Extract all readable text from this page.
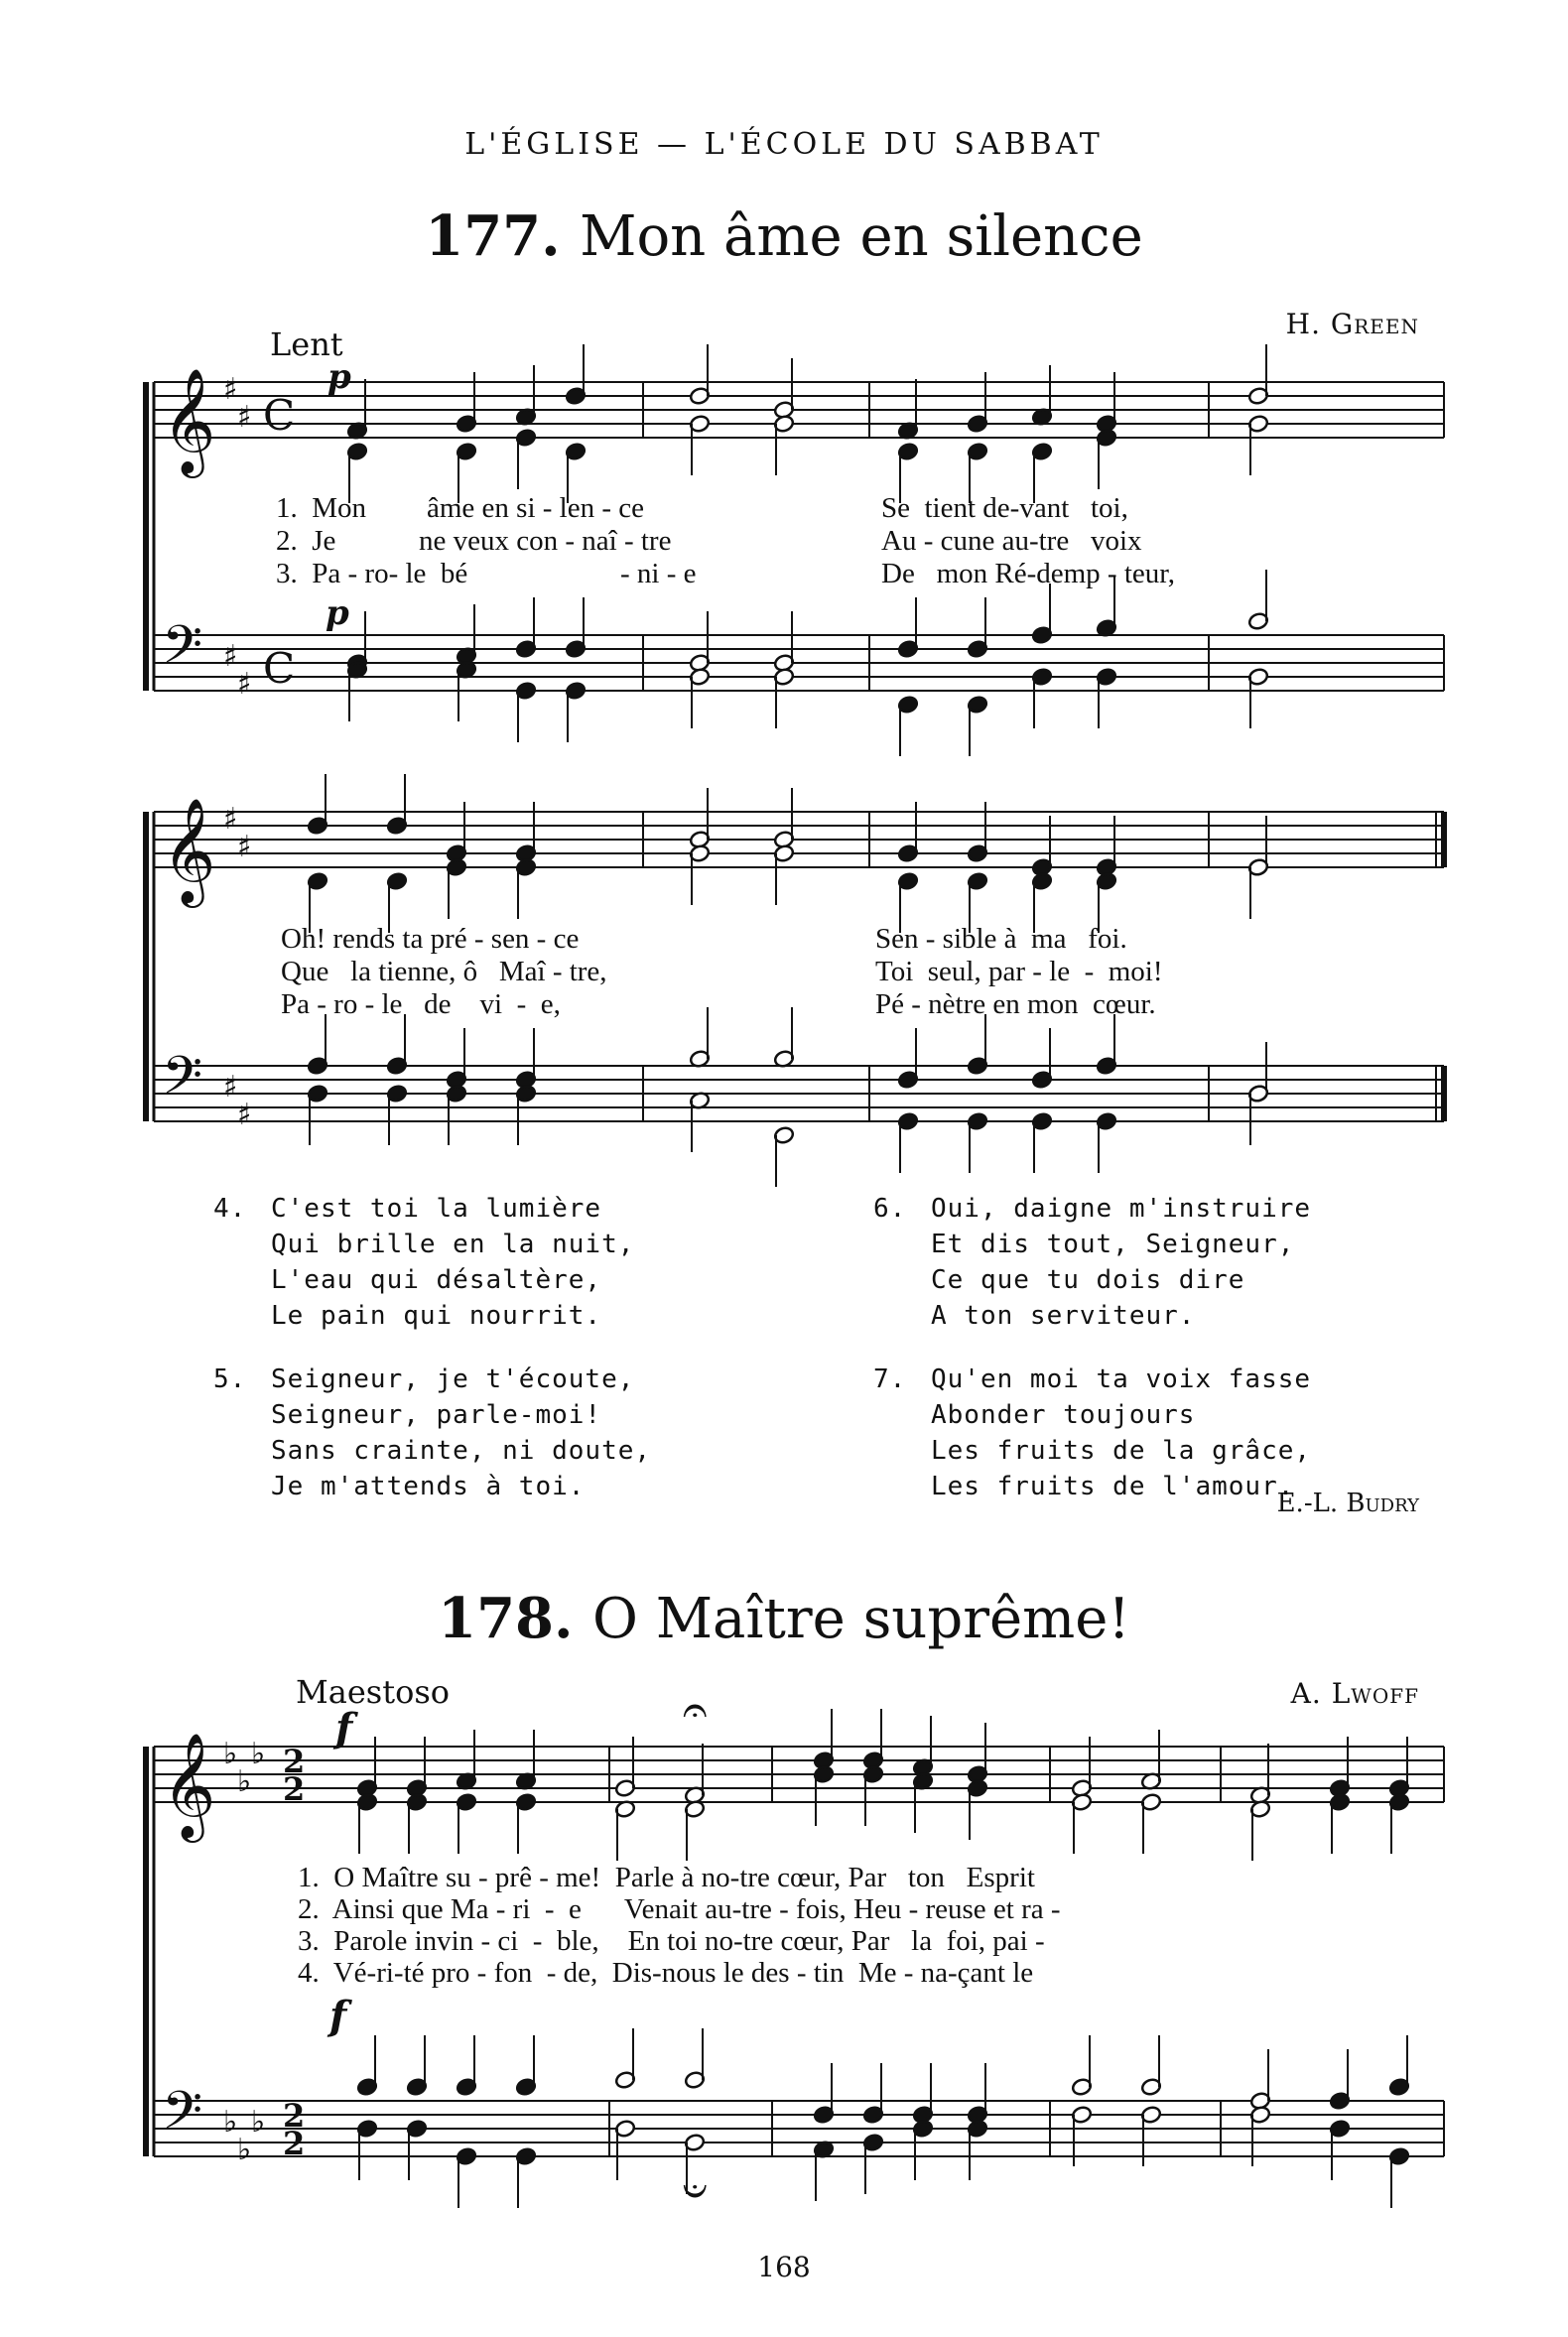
L'ÉGLISE — L'ÉCOLE DU SABBAT
177. Mon âme en silence
Lent
H. Green
𝄞
𝄢
♯
♯
♯
♯
C
C
𝄞
𝄢
♯
♯
♯
♯
𝄞
𝄢
♭
♭
♭
♭
♭
♭
2
2
2
2
𝄐
𝄑
p
p
1.  Mon âme en si - len - ce	Se  tient de-vant   toi,
2.  Je	ne veux con - naî - tre	Au - cune au-tre   voix
3.  Pa - ro- le  bé	- ni - e	De   mon Ré-demp - teur,
Oh! rends ta pré - sen - ce	Sen - sible à  ma   foi.
Que   la tienne, ô   Maî - tre,	Toi  seul, par - le  -  moi!
Pa - ro - le   de    vi  -  e,	Pé - nètre en mon  cœur.
4. C'est toi la lumière
Qui brille en la nuit,
L'eau qui désaltère,
Le pain qui nourrit.
5. Seigneur, je t'écoute,
Seigneur, parle-moi!
Sans crainte, ni doute,
Je m'attends à toi.
6. Oui, daigne m'instruire
Et dis tout, Seigneur,
Ce que tu dois dire
A ton serviteur.
7. Qu'en moi ta voix fasse
Abonder toujours
Les fruits de la grâce,
Les fruits de l'amour.
E.-L. Budry
178. O Maître suprême!
Maestoso	A. Lwoff
f
f
1.  O Maître su - prê - me!  Parle à no-tre cœur, Par   ton   Esprit
2.  Ainsi que Ma - ri  -  e      Venait au-tre - fois, Heu - reuse et ra -
3.  Parole invin - ci  -  ble,    En toi no-tre cœur, Par   la  foi, pai -
4.  Vé-ri-té pro - fon  - de,  Dis-nous le des - tin  Me - na-çant le
168
